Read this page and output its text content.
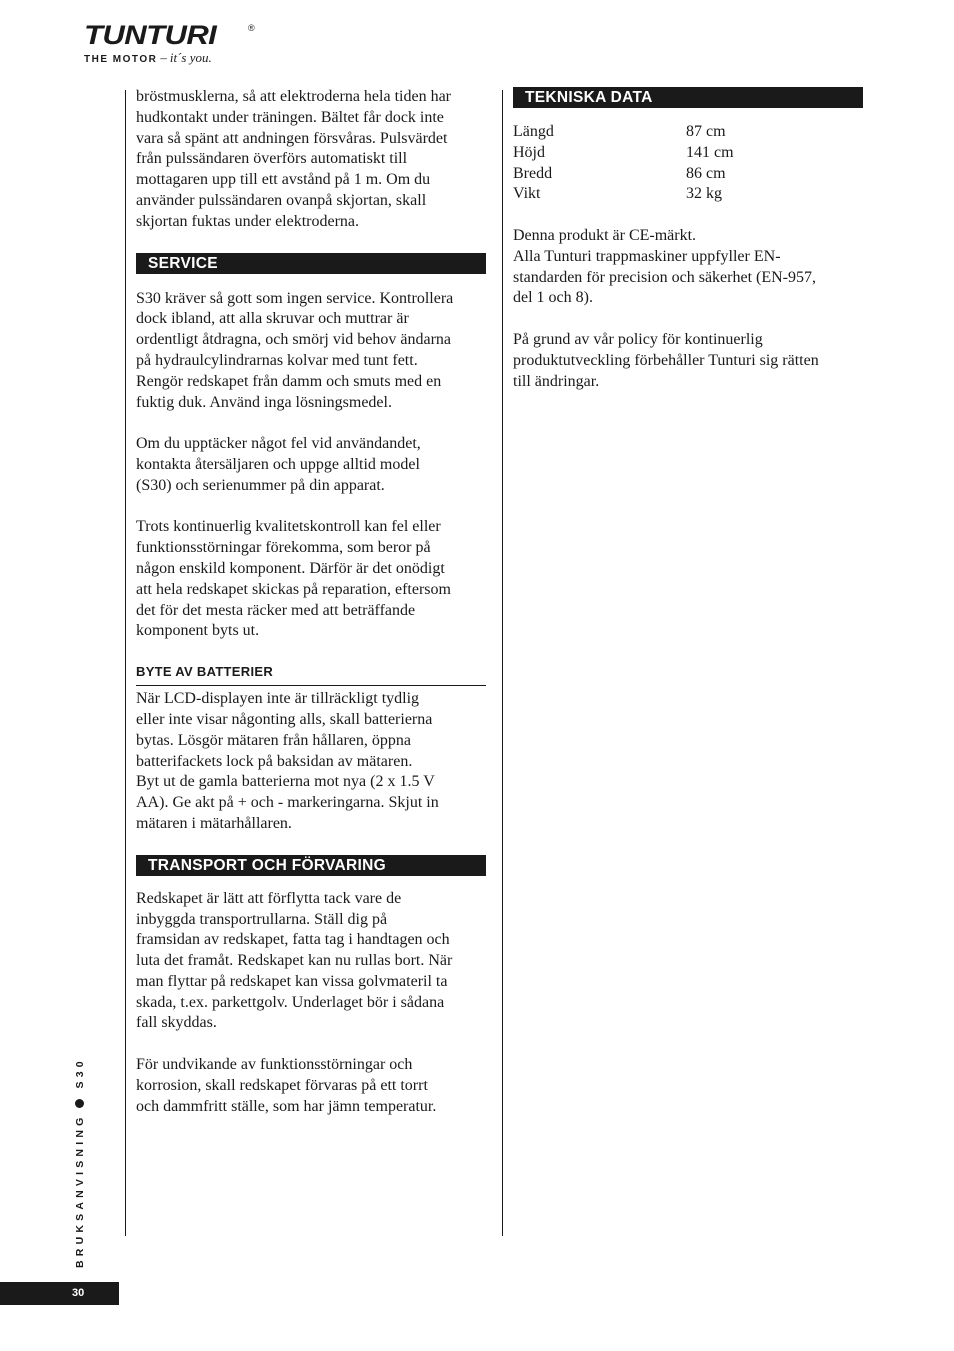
TUNTURI	®
THE MOTOR – it´s you.

bröstmusklerna, så att elektroderna hela tiden har
hudkontakt under träningen. Bältet får dock inte
vara så spänt att andningen försvåras. Pulsvärdet
från pulssändaren överförs automatiskt till
mottagaren upp till ett avstånd på 1 m. Om du
använder pulssändaren ovanpå skjortan, skall
skjortan fuktas under elektroderna.

SERVICE

S30 kräver så gott som ingen service. Kontrollera
dock ibland, att alla skruvar och muttrar är
ordentligt åtdragna, och smörj vid behov ändarna
på hydraulcylindrarnas kolvar med tunt fett.
Rengör redskapet från damm och smuts med en
fuktig duk. Använd inga lösningsmedel.

Om du upptäcker något fel vid användandet,
kontakta återsäljaren och uppge alltid model
(S30) och serienummer på din apparat.

Trots kontinuerlig kvalitetskontroll kan fel eller
funktionsstörningar förekomma, som beror på
någon enskild komponent. Därför är det onödigt
att hela redskapet skickas på reparation, eftersom
det för det mesta räcker med att beträffande
komponent byts ut.

BYTE AV BATTERIER

När LCD-displayen inte är tillräckligt tydlig
eller inte visar någonting alls, skall batterierna
bytas. Lösgör mätaren från hållaren, öppna
batterifackets lock på baksidan av mätaren.
Byt ut de gamla batterierna mot nya (2 x 1.5 V
AA). Ge akt på + och - markeringarna. Skjut in
mätaren i mätarhållaren.

TRANSPORT OCH FÖRVARING

Redskapet är lätt att förflytta tack vare de
inbyggda transportrullarna. Ställ dig på
framsidan av redskapet, fatta tag i handtagen och
luta det framåt. Redskapet kan nu rullas bort. När
man flyttar på redskapet kan vissa golvmateril ta
skada, t.ex. parkettgolv. Underlaget bör i sådana
fall skyddas.

För undvikande av funktionsstörningar och
korrosion, skall redskapet förvaras på ett torrt
och dammfritt ställe, som har jämn temperatur.

TEKNISKA DATA
Längd	87 cm
Höjd	141 cm
Bredd	86 cm
Vikt	32 kg

Denna produkt är CE-märkt.
Alla Tunturi trappmaskiner uppfyller EN-
standarden för precision och säkerhet (EN-957,
del 1 och 8).

På grund av vår policy för kontinuerlig
produktutveckling förbehåller Tunturi sig rätten
till ändringar.

BRUKSANVISNINGS30
30
